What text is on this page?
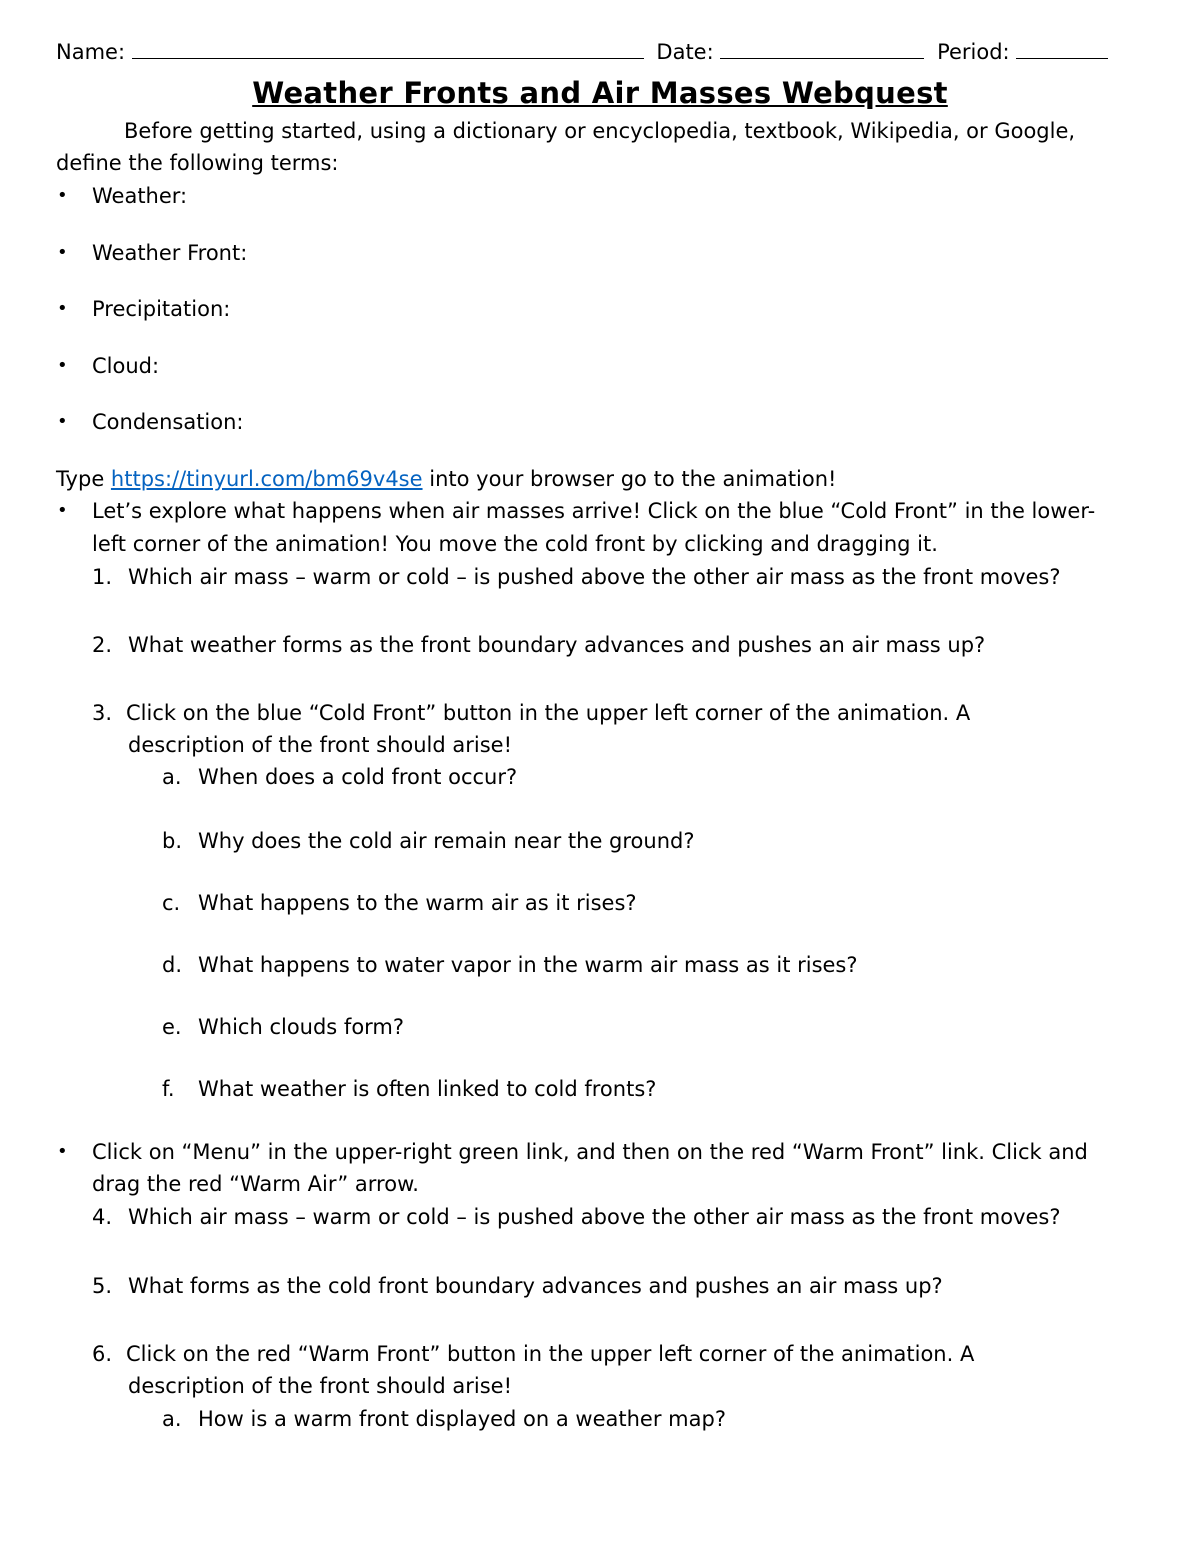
Name:	Date:	Period:
Weather Fronts and Air Masses Webquest
Before getting started, using a dictionary or encyclopedia, textbook, Wikipedia, or Google,
define the following terms:
• Weather:
• Weather Front:
• Precipitation:
• Cloud:
• Condensation:
Type https://tinyurl.com/bm69v4se into your browser go to the animation!
• Let’s explore what happens when air masses arrive! Click on the blue “Cold Front” in the lower-
left corner of the animation! You move the cold front by clicking and dragging it.
1. Which air mass – warm or cold – is pushed above the other air mass as the front moves?
2. What weather forms as the front boundary advances and pushes an air mass up?
3. Click on the blue “Cold Front” button in the upper left corner of the animation. A
description of the front should arise!
a. When does a cold front occur?
b. Why does the cold air remain near the ground?
c. What happens to the warm air as it rises?
d. What happens to water vapor in the warm air mass as it rises?
e. Which clouds form?
f. What weather is often linked to cold fronts?
• Click on “Menu” in the upper-right green link, and then on the red “Warm Front” link. Click and
drag the red “Warm Air” arrow.
4. Which air mass – warm or cold – is pushed above the other air mass as the front moves?
5. What forms as the cold front boundary advances and pushes an air mass up?
6. Click on the red “Warm Front” button in the upper left corner of the animation. A
description of the front should arise!
a. How is a warm front displayed on a weather map?
